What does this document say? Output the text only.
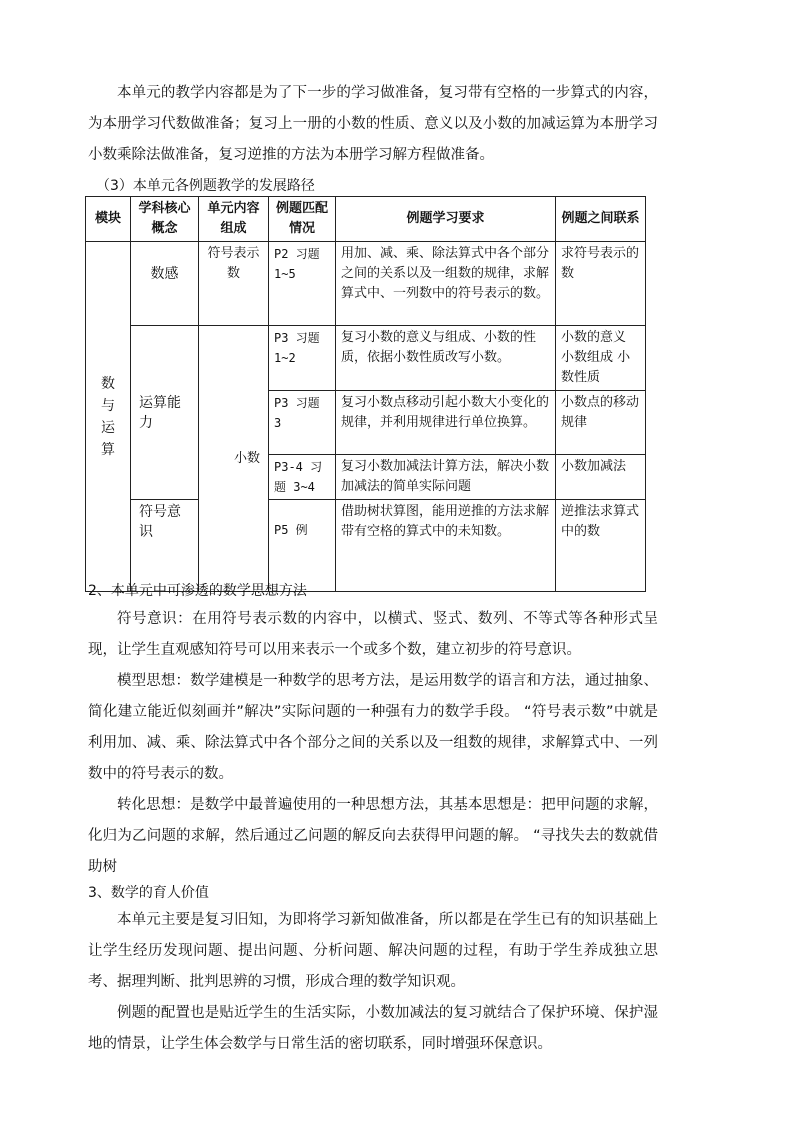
本单元的教学内容都是为了下一步的学习做准备，复习带有空格的一步算式的内容，为本册学习代数做准备；复习上一册的小数的性质、意义以及小数的加减运算为本册学习小数乘除法做准备，复习逆推的方法为本册学习解方程做准备。

（3）本单元各例题教学的发展路径

模块	学科核心概念	单元内容组成	例题匹配情况	例题学习要求	例题之间联系
数与运算	数感	符号表示数	P2 习题 1~5	用加、减、乘、除法算式中各个部分之间的关系以及一组数的规律，求解算式中、一列数中的符号表示的数。	求符号表示的数
	运算能力	小数	P3 习题 1~2	复习小数的意义与组成、小数的性质，依据小数性质改写小数。	小数的意义 小数组成 小数性质
			P3 习题 3	复习小数点移动引起小数大小变化的规律，并利用规律进行单位换算。	小数点的移动规律
			P3-4 习题 3~4	复习小数加减法计算方法，解决小数加减法的简单实际问题	小数加减法
	符号意识		P5 例	借助树状算图，能用逆推的方法求解带有空格的算式中的未知数。	逆推法求算式中的数

2、本单元中可渗透的数学思想方法

符号意识：在用符号表示数的内容中，以横式、竖式、数列、不等式等各种形式呈现，让学生直观感知符号可以用来表示一个或多个数，建立初步的符号意识。

模型思想：数学建模是一种数学的思考方法，是运用数学的语言和方法，通过抽象、简化建立能近似刻画并”解决”实际问题的一种强有力的数学手段。 “符号表示数”中就是利用加、减、乘、除法算式中各个部分之间的关系以及一组数的规律，求解算式中、一列数中的符号表示的数。

转化思想：是数学中最普遍使用的一种思想方法，其基本思想是：把甲问题的求解，化归为乙问题的求解，然后通过乙问题的解反向去获得甲问题的解。 “寻找失去的数就借助树

3、数学的育人价值

本单元主要是复习旧知，为即将学习新知做准备，所以都是在学生已有的知识基础上让学生经历发现问题、提出问题、分析问题、解决问题的过程，有助于学生养成独立思考、据理判断、批判思辨的习惯，形成合理的数学知识观。

例题的配置也是贴近学生的生活实际，小数加减法的复习就结合了保护环境、保护湿地的情景，让学生体会数学与日常生活的密切联系，同时增强环保意识。
